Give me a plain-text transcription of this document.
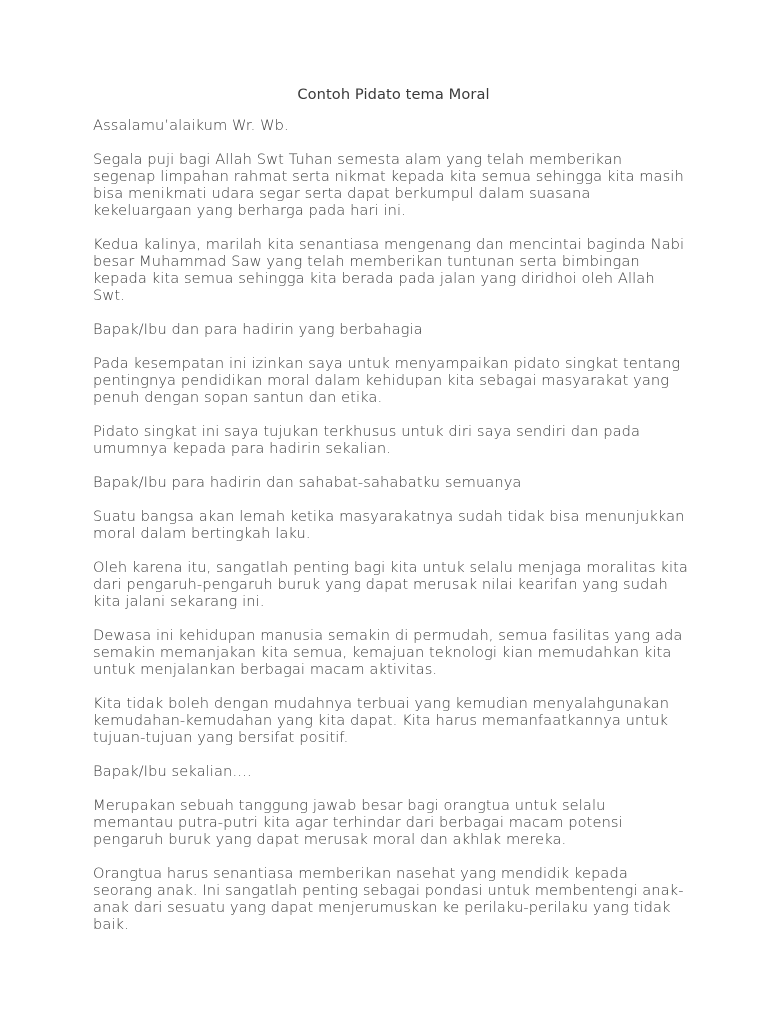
Contoh Pidato tema Moral

Assalamu’alaikum Wr. Wb.

Segala puji bagi Allah Swt Tuhan semesta alam yang telah memberikan segenap limpahan rahmat serta nikmat kepada kita semua sehingga kita masih bisa menikmati udara segar serta dapat berkumpul dalam suasana kekeluargaan yang berharga pada hari ini.

Kedua kalinya, marilah kita senantiasa mengenang dan mencintai baginda Nabi besar Muhammad Saw yang telah memberikan tuntunan serta bimbingan kepada kita semua sehingga kita berada pada jalan yang diridhoi oleh Allah Swt.

Bapak/Ibu dan para hadirin yang berbahagia

Pada kesempatan ini izinkan saya untuk menyampaikan pidato singkat tentang pentingnya pendidikan moral dalam kehidupan kita sebagai masyarakat yang penuh dengan sopan santun dan etika.

Pidato singkat ini saya tujukan terkhusus untuk diri saya sendiri dan pada umumnya kepada para hadirin sekalian.

Bapak/Ibu para hadirin dan sahabat-sahabatku semuanya

Suatu bangsa akan lemah ketika masyarakatnya sudah tidak bisa menunjukkan moral dalam bertingkah laku.

Oleh karena itu, sangatlah penting bagi kita untuk selalu menjaga moralitas kita dari pengaruh-pengaruh buruk yang dapat merusak nilai kearifan yang sudah kita jalani sekarang ini.

Dewasa ini kehidupan manusia semakin di permudah, semua fasilitas yang ada semakin memanjakan kita semua, kemajuan teknologi kian memudahkan kita untuk menjalankan berbagai macam aktivitas.

Kita tidak boleh dengan mudahnya terbuai yang kemudian menyalahgunakan kemudahan-kemudahan yang kita dapat. Kita harus memanfaatkannya untuk tujuan-tujuan yang bersifat positif.

Bapak/Ibu sekalian….

Merupakan sebuah tanggung jawab besar bagi orangtua untuk selalu memantau putra-putri kita agar terhindar dari berbagai macam potensi pengaruh buruk yang dapat merusak moral dan akhlak mereka.

Orangtua harus senantiasa memberikan nasehat yang mendidik kepada seorang anak. Ini sangatlah penting sebagai pondasi untuk membentengi anak-anak dari sesuatu yang dapat menjerumuskan ke perilaku-perilaku yang tidak baik.
